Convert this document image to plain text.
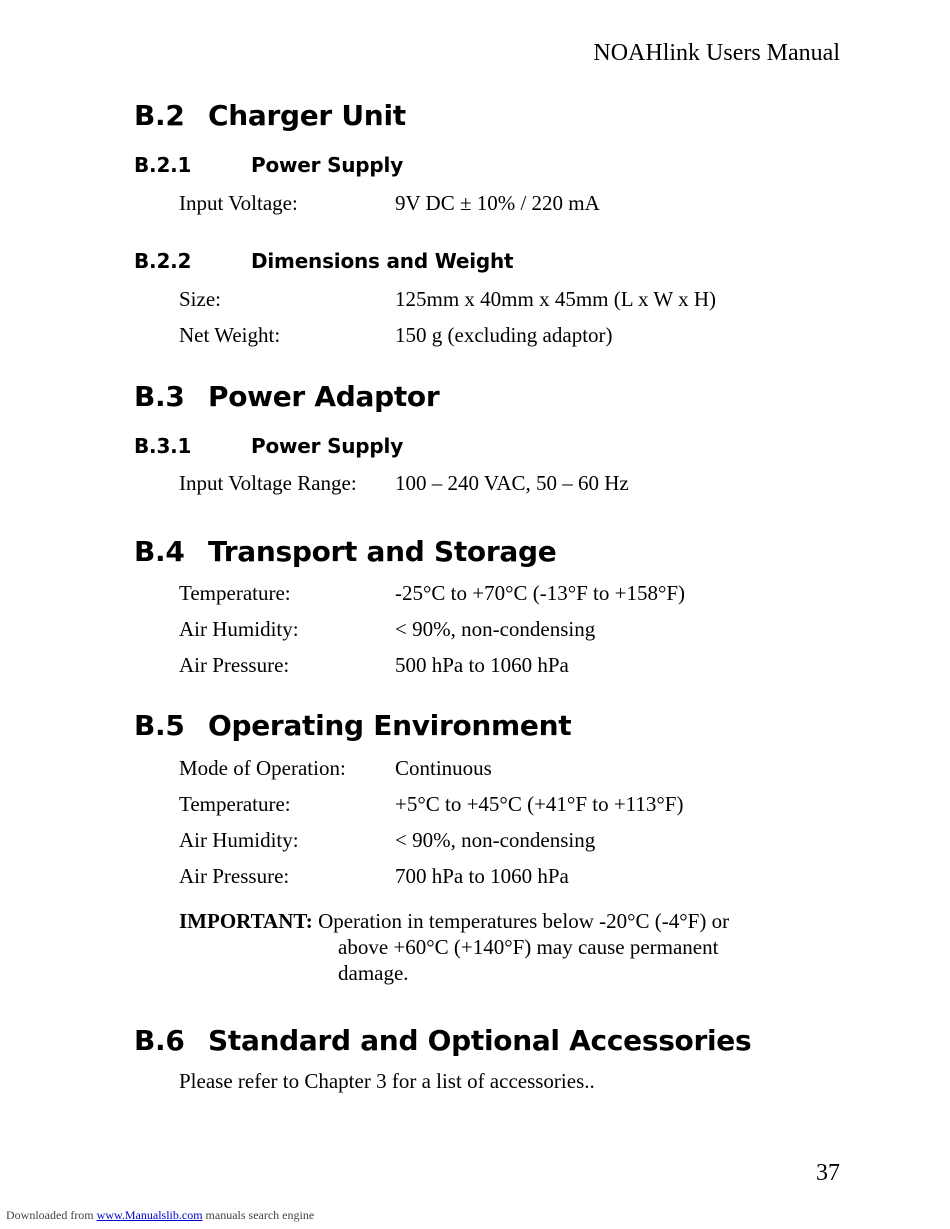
NOAHlink Users Manual
B.2 Charger Unit
B.2.1	Power Supply
Input Voltage:	9V DC ± 10% / 220 mA
B.2.2	Dimensions and Weight
Size:	125mm x 40mm x 45mm (L x W x H)
Net Weight:	150 g (excluding adaptor)
B.3 Power Adaptor
B.3.1	Power Supply
Input Voltage Range: 100 – 240 VAC, 50 – 60 Hz
B.4 Transport and Storage
Temperature:	-25°C to +70°C (-13°F to +158°F)
Air Humidity:	< 90%, non-condensing
Air Pressure:	500 hPa to 1060 hPa
B.5 Operating Environment
Mode of Operation: Continuous
Temperature:	+5°C to +45°C (+41°F to +113°F)
Air Humidity:	< 90%, non-condensing
Air Pressure:	700 hPa to 1060 hPa
IMPORTANT: Operation in temperatures below -20°C (-4°F) or
above +60°C (+140°F) may cause permanent
damage.
B.6 Standard and Optional Accessories
Please refer to Chapter 3 for a list of accessories..
37
Downloaded from www.Manualslib.com manuals search engine
